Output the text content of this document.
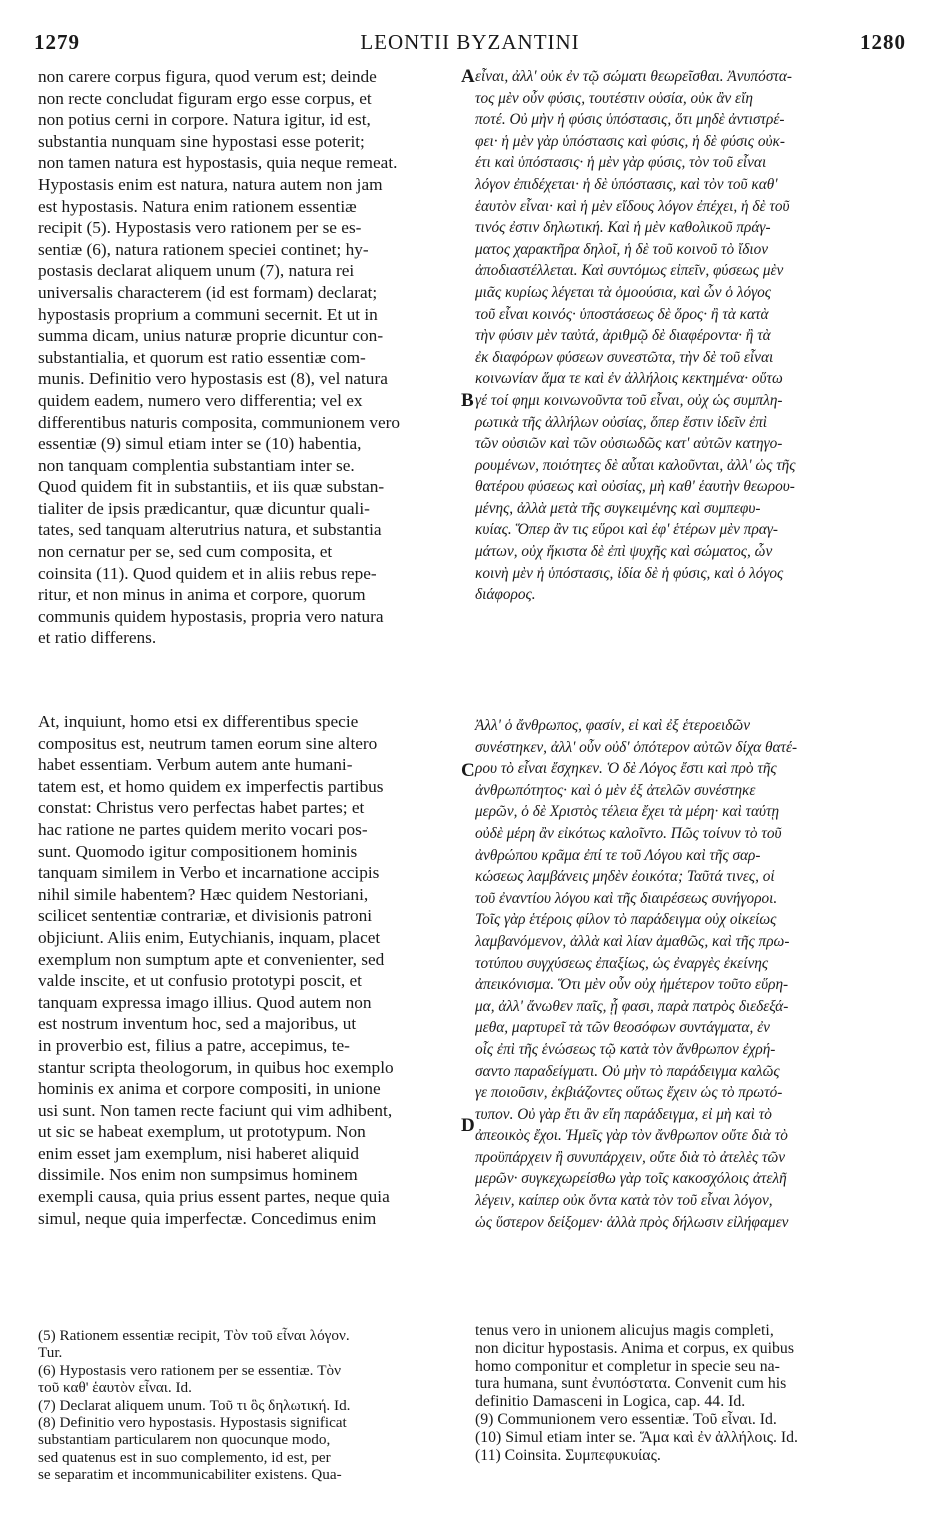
1279	LEONTII BYZANTINI	1280
non carere corpus figura, quod verum est; deinde
non recte concludat figuram ergo esse corpus, et
non potius cerni in corpore. Natura igitur, id est,
substantia nunquam sine hypostasi esse poterit;
non tamen natura est hypostasis, quia neque remeat.
Hypostasis enim est natura, natura autem non jam
est hypostasis. Natura enim rationem essentiæ
recipit (5). Hypostasis vero rationem per se es-
sentiæ (6), natura rationem speciei continet; hy-
postasis declarat aliquem unum (7), natura rei
universalis characterem (id est formam) declarat;
hypostasis proprium a communi secernit. Et ut in
summa dicam, unius naturæ proprie dicuntur con-
substantialia, et quorum est ratio essentiæ com-
munis. Definitio vero hypostasis est (8), vel natura
quidem eadem, numero vero differentia; vel ex
differentibus naturis composita, communionem vero
essentiæ (9) simul etiam inter se (10) habentia,
non tanquam complentia substantiam inter se.
Quod quidem fit in substantiis, et iis quæ substan-
tialiter de ipsis prædicantur, quæ dicuntur quali-
tates, sed tanquam alterutrius natura, et substantia
non cernatur per se, sed cum composita, et
coinsita (11). Quod quidem et in aliis rebus repe-
ritur, et non minus in anima et corpore, quorum
communis quidem hypostasis, propria vero natura
et ratio differens.
εἶναι, ἀλλ' οὐκ ἐν τῷ σώματι θεωρεῖσθαι. Ἀνυπόστα-
τος μὲν οὖν φύσις, τουτέστιν οὐσία, οὐκ ἂν εἴη
ποτέ. Οὐ μὴν ἡ φύσις ὑπόστασις, ὅτι μηδὲ ἀντιστρέ-
φει· ἡ μὲν γὰρ ὑπόστασις καὶ φύσις, ἡ δὲ φύσις οὐκ-
έτι καὶ ὑπόστασις· ἡ μὲν γὰρ φύσις, τὸν τοῦ εἶναι
λόγον ἐπιδέχεται· ἡ δὲ ὑπόστασις, καὶ τὸν τοῦ καθ'
ἑαυτὸν εἶναι· καὶ ἡ μὲν εἴδους λόγον ἐπέχει, ἡ δὲ τοῦ
τινός ἐστιν δηλωτική. Καὶ ἡ μὲν καθολικοῦ πράγ-
ματος χαρακτῆρα δηλοῖ, ἡ δὲ τοῦ κοινοῦ τὸ ἴδιον
ἀποδιαστέλλεται. Καὶ συντόμως εἰπεῖν, φύσεως μὲν
μιᾶς κυρίως λέγεται τὰ ὁμοούσια, καὶ ὧν ὁ λόγος
τοῦ εἶναι κοινός· ὑποστάσεως δὲ ὅρος· ἢ τὰ κατὰ
τὴν φύσιν μὲν ταὐτά, ἀριθμῷ δὲ διαφέροντα· ἢ τὰ
ἐκ διαφόρων φύσεων συνεστῶτα, τὴν δὲ τοῦ εἶναι
κοινωνίαν ἅμα τε καὶ ἐν ἀλλήλοις κεκτημένα· οὕτω
γέ τοί φημι κοινωνοῦντα τοῦ εἶναι, οὐχ ὡς συμπλη-
ρωτικὰ τῆς ἀλλήλων οὐσίας, ὅπερ ἔστιν ἰδεῖν ἐπὶ
τῶν οὐσιῶν καὶ τῶν οὐσιωδῶς κατ' αὐτῶν κατηγο-
ρουμένων, ποιότητες δὲ αὗται καλοῦνται, ἀλλ' ὡς τῆς
θατέρου φύσεως καὶ οὐσίας, μὴ καθ' ἑαυτὴν θεωρου-
μένης, ἀλλὰ μετὰ τῆς συγκειμένης καὶ συμπεφυ-
κυίας. Ὅπερ ἂν τις εὕροι καὶ ἐφ' ἑτέρων μὲν πραγ-
μάτων, οὐχ ἥκιστα δὲ ἐπὶ ψυχῆς καὶ σώματος, ὧν
κοινὴ μὲν ἡ ὑπόστασις, ἰδία δὲ ἡ φύσις, καὶ ὁ λόγος
διάφορος.
At, inquiunt, homo etsi ex differentibus specie
compositus est, neutrum tamen eorum sine altero
habet essentiam. Verbum autem ante humani-
tatem est, et homo quidem ex imperfectis partibus
constat: Christus vero perfectas habet partes; et
hac ratione ne partes quidem merito vocari pos-
sunt. Quomodo igitur compositionem hominis
tanquam similem in Verbo et incarnatione accipis
nihil simile habentem? Hæc quidem Nestoriani,
scilicet sententiæ contrariæ, et divisionis patroni
objiciunt. Aliis enim, Eutychianis, inquam, placet
exemplum non sumptum apte et convenienter, sed
valde inscite, et ut confusio prototypi poscit, et
tanquam expressa imago illius. Quod autem non
est nostrum inventum hoc, sed a majoribus, ut
in proverbio est, filius a patre, accepimus, te-
stantur scripta theologorum, in quibus hoc exemplo
hominis ex anima et corpore compositi, in unione
usi sunt. Non tamen recte faciunt qui vim adhibent,
ut sic se habeat exemplum, ut prototypum. Non
enim esset jam exemplum, nisi haberet aliquid
dissimile. Nos enim non sumpsimus hominem
exempli causa, quia prius essent partes, neque quia
simul, neque quia imperfectæ. Concedimus enim
Ἀλλ' ὁ ἄνθρωπος, φασίν, εἰ καὶ ἐξ ἑτεροειδῶν
συνέστηκεν, ἀλλ' οὖν οὐδ' ὁπότερον αὐτῶν δίχα θατέ-
ρου τὸ εἶναι ἔσχηκεν. Ὁ δὲ Λόγος ἔστι καὶ πρὸ τῆς
ἀνθρωπότητος· καὶ ὁ μὲν ἐξ ἀτελῶν συνέστηκε
μερῶν, ὁ δὲ Χριστὸς τέλεια ἔχει τὰ μέρη· καὶ ταύτῃ
οὐδὲ μέρη ἂν εἰκότως καλοῖντο. Πῶς τοίνυν τὸ τοῦ
ἀνθρώπου κρᾶμα ἐπί τε τοῦ Λόγου καὶ τῆς σαρ-
κώσεως λαμβάνεις μηδὲν ἐοικότα; Ταῦτά τινες, οἱ
τοῦ ἐναντίου λόγου καὶ τῆς διαιρέσεως συνήγοροι.
Τοῖς γὰρ ἑτέροις φίλον τὸ παράδειγμα οὐχ οἰκείως
λαμβανόμενον, ἀλλὰ καὶ λίαν ἀμαθῶς, καὶ τῆς πρω-
τοτύπου συγχύσεως ἐπαξίως, ὡς ἐναργὲς ἐκείνης
ἀπεικόνισμα. Ὅτι μὲν οὖν οὐχ ἡμέτερον τοῦτο εὕρη-
μα, ἀλλ' ἄνωθεν παῖς, ᾗ φασι, παρὰ πατρὸς διεδεξά-
μεθα, μαρτυρεῖ τὰ τῶν θεοσόφων συντάγματα, ἐν
οἷς ἐπὶ τῆς ἑνώσεως τῷ κατὰ τὸν ἄνθρωπον ἐχρή-
σαντο παραδείγματι. Οὐ μὴν τὸ παράδειγμα καλῶς
γε ποιοῦσιν, ἐκβιάζοντες οὕτως ἔχειν ὡς τὸ πρωτό-
τυπον. Οὐ γὰρ ἔτι ἂν εἴη παράδειγμα, εἰ μὴ καὶ τὸ
ἀπεοικὸς ἔχοι. Ἡμεῖς γὰρ τὸν ἄνθρωπον οὔτε διὰ τὸ
προϋπάρχειν ἢ συνυπάρχειν, οὔτε διὰ τὸ ἀτελὲς τῶν
μερῶν· συγκεχωρείσθω γὰρ τοῖς κακοσχόλοις ἀτελῆ
λέγειν, καίπερ οὐκ ὄντα κατὰ τὸν τοῦ εἶναι λόγον,
ὡς ὕστερον δείξομεν· ἀλλὰ πρὸς δήλωσιν εἰλήφαμεν
(5) Rationem essentiæ recipit, Τὸν τοῦ εἶναι λόγον.
Tur.
(6) Hypostasis vero rationem per se essentiæ. Τὸν
τοῦ καθ' ἑαυτὸν εἶναι. Id.
(7) Declarat aliquem unum. Τοῦ τι ὃς δηλωτική. Id.
(8) Definitio vero hypostasis. Hypostasis significat
substantiam particularem non quocunque modo,
sed quatenus est in suo complemento, id est, per
se separatim et incommunicabiliter existens. Qua-
tenus vero in unionem alicujus magis completi,
non dicitur hypostasis. Anima et corpus, ex quibus
homo componitur et completur in specie seu na-
tura humana, sunt ἐνυπόστατα. Convenit cum his
definitio Damasceni in Logica, cap. 44. Id.
(9) Communionem vero essentiæ. Τοῦ εἶναι. Id.
(10) Simul etiam inter se. Ἅμα καὶ ἐν ἀλλήλοις. Id.
(11) Coinsita. Συμπεφυκυίας.
A
B
C
D
